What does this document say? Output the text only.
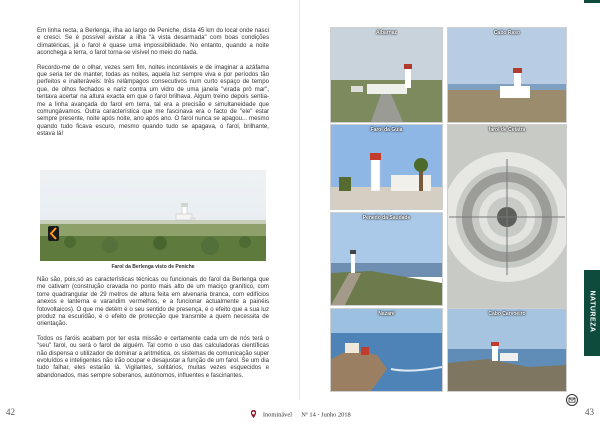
Em linha recta, a Berlenga, ilha ao largo de Peniche, dista 45 km do local onde nasci e cresci. Se é possível avistar a ilha "à vista desarmada" com boas condições climatéricas, já o farol é quase uma impossibilidade. No entanto, quando a noite aconchega a terra, o farol torna-se visível no meio do nada.

Recordo-me de o olhar, vezes sem fim, noites incontáveis e de imaginar a azáfama que seria ter de manter, todas as noites, aquela luz sempre viva e por períodos tão perfeitos e inalteráveis: três relâmpagos consecutivos num curto espaço de tempo que, de olhos fechados e nariz contra um vidro de uma janela "virada prô mar", tentava acertar na altura exacta em que o farol brilhava. Algum treino depois sentia-me a linha avançada do farol em terra, tal era a precisão e simultaneidade que comungávamos. Outra característica que me fascinava era o facto de "ele" estar sempre presente, noite após noite, ano após ano. O farol nunca se apagou... mesmo quando tudo ficava escuro, mesmo quando tudo se apagava, o farol, brilhante, estava lá!

Farol da Berlenga visto de Peniche

Não são, pois,só as características técnicas ou funcionais do farol da Berlenga que me cativam (construção cravada no ponto mais alto de um maciço granítico, com torre quadrangular de 29 metros de altura feita em alvenaria branca, com edifícios anexos e lanterna e varandim vermelhos, e a funcionar actualmente a painéis fotovoltaicos). O que me detém é o seu sentido de presença, é o efeito que a sua luz produz na escuridão, é o efeito de protecção que transmite a quem necessita de orientação.

Todos os faróis acabam por ter esta missão e certamente cada um de nós terá o "seu" farol, ou será o farol de alguém. Tal como o uso das calculadoras científicas não dispensa o utilizador de dominar a aritmética, os sistemas de comunicação super evoluídos e inteligentes não irão ocupar e desajustar a função de um farol. Se um dia tudo falhar, eles estarão lá. Vigilantes, solitários, muitas vezes esquecidos e abandonados, mas sempre soberanos, autónomos, influentes e fascinantes.

Albarnaz	Cabo Raso
Farol da Guia	farol de Cetatra
Penedo da Saudade
Nazaré	Cabo Carvoeiro	NATUREZA
42	43
Inominável Nº 14 - Junho 2018
